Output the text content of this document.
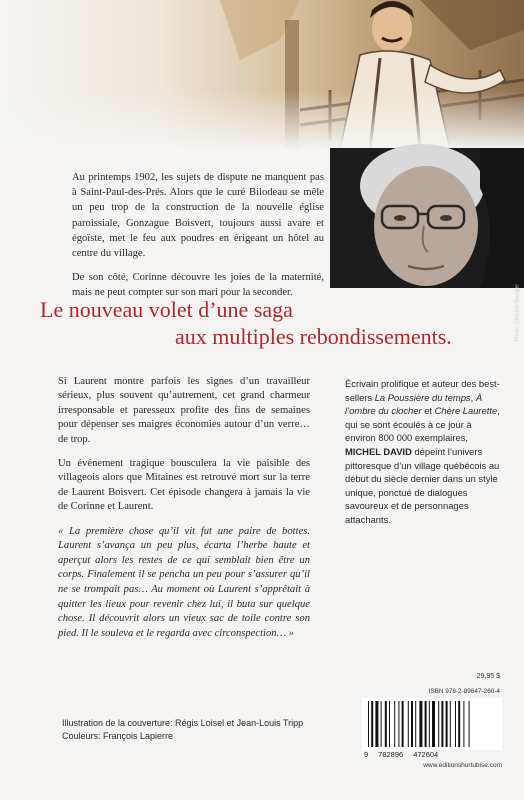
Photo : Christine Bourgier

Au printemps 1902, les sujets de dispute ne manquent pas à Saint-Paul-des-Prés. Alors que le curé Bilodeau se mêle un peu trop de la construction de la nouvelle église paroissiale, Gonzague Boisvert, toujours aussi avare et égoïste, met le feu aux poudres en érigeant un hôtel au centre du village.

De son côté, Corinne découvre les joies de la maternité, mais ne peut compter sur son mari pour la seconder.

Le nouveau volet d’une saga
aux multiples rebondissements.

Si Laurent montre parfois les signes d’un travailleur sérieux, plus souvent qu’autrement, cet grand charmeur irresponsable et paresseux profite des fins de semaines pour dépenser ses maigres économies autour d’un verre… de trop.

Un événement tragique bousculera la vie paisible des villageois alors que Mitaines est retrouvé mort sur la terre de Laurent Boisvert. Cet épisode changera à jamais la vie de Corinne et Laurent.

« La première chose qu’il vit fut une paire de bottes. Laurent s’avança un peu plus, écarta l’herbe haute et aperçut alors les restes de ce qui semblait bien être un corps. Finalement il se pencha un peu pour s’assurer qu’il ne se trompait pas… Au moment où Laurent s’apprêtait à quitter les lieux pour revenir chez lui, il buta sur quelque chose. Il découvrit alors un vieux sac de toile contre son pied. Il le souleva et le regarda avec circonspection… »

Écrivain prolifique et auteur des best-sellers La Poussière du temps, À l’ombre du clocher et Chère Laurette, qui se sont écoulés à ce jour à environ 800 000 exemplaires, MICHEL DAVID dépeint l’univers pittoresque d’un village québécois au début du siècle dernier dans un style unique, ponctué de dialogues savoureux et de personnages attachants.
29,95 $
ISBN 978-2-89647-260-4
9 782896 472604
www.editionshurtubise.com
Illustration de la couverture: Régis Loisel et Jean-Louis Tripp
Couleurs: François Lapierre
